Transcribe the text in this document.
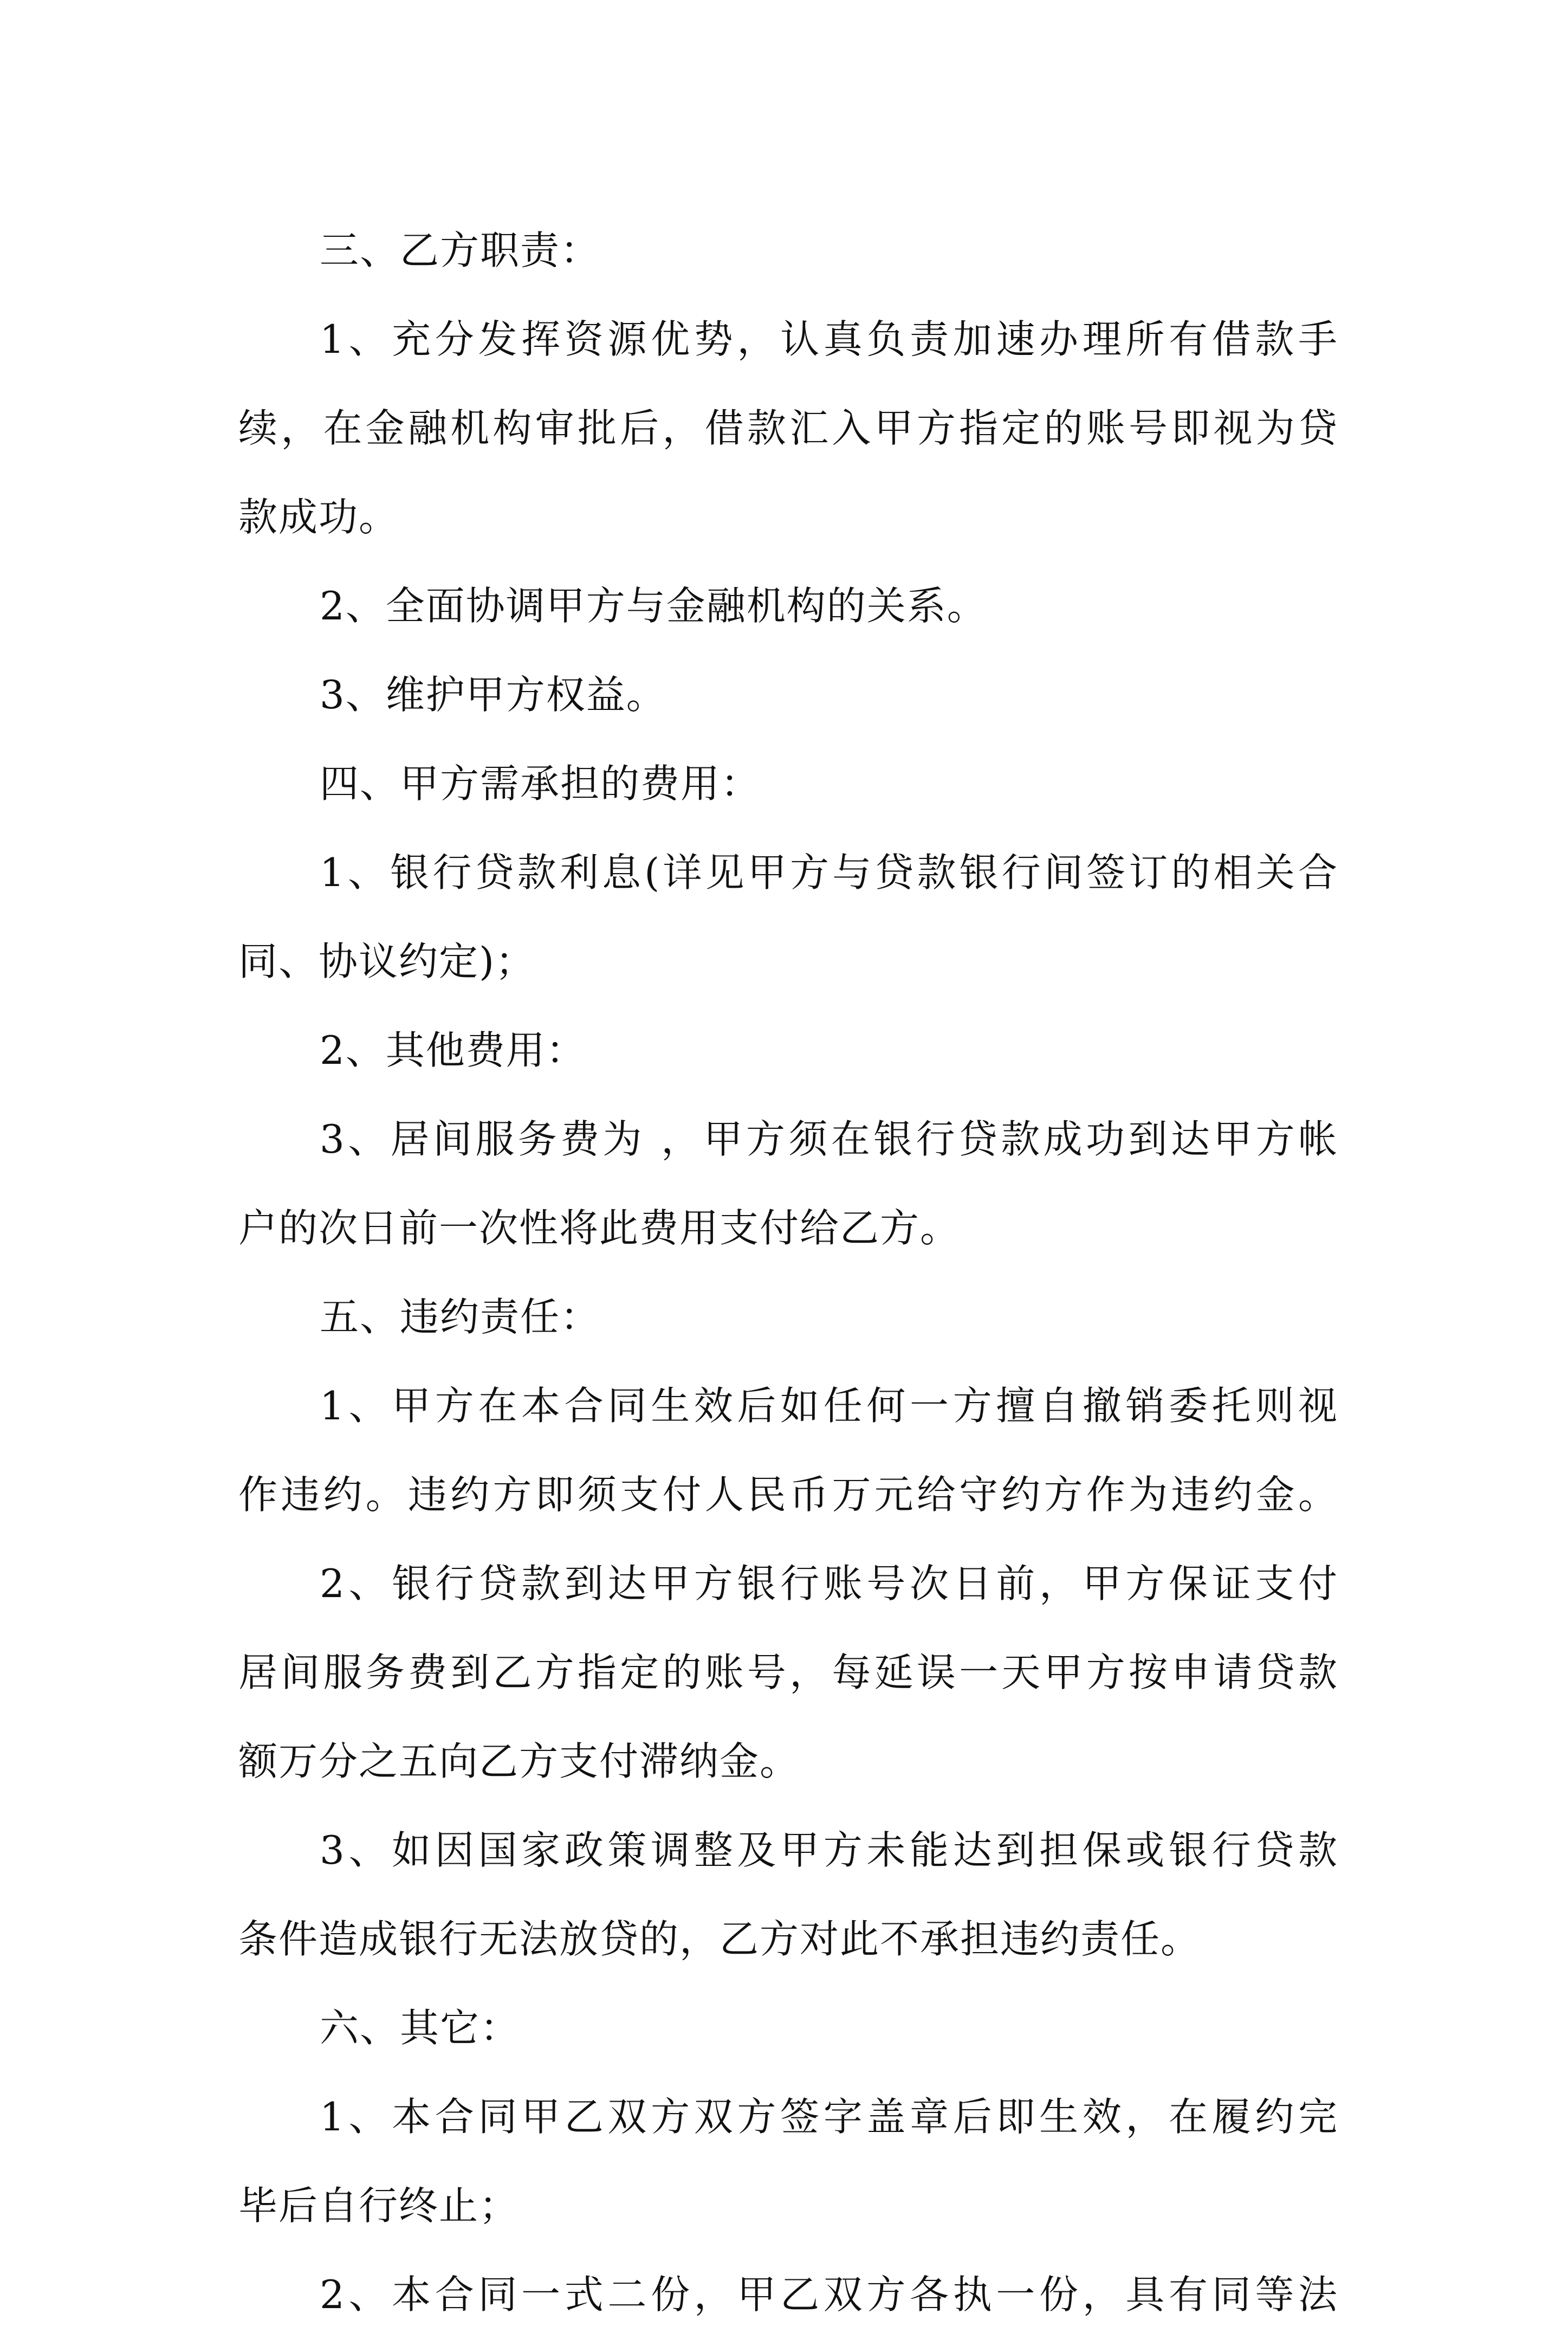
三、乙方职责：
1、充分发挥资源优势，认真负责加速办理所有借款手
续，在金融机构审批后，借款汇入甲方指定的账号即视为贷
款成功。
2、全面协调甲方与金融机构的关系。
3、维护甲方权益。
四、甲方需承担的费用：
1、银行贷款利息(详见甲方与贷款银行间签订的相关合
同、协议约定)；
2、其他费用：
3、居间服务费为 ，甲方须在银行贷款成功到达甲方帐
户的次日前一次性将此费用支付给乙方。
五、违约责任：
1、甲方在本合同生效后如任何一方擅自撤销委托则视
作违约。违约方即须支付人民币万元给守约方作为违约金。
2、银行贷款到达甲方银行账号次日前，甲方保证支付
居间服务费到乙方指定的账号，每延误一天甲方按申请贷款
额万分之五向乙方支付滞纳金。
3、如因国家政策调整及甲方未能达到担保或银行贷款
条件造成银行无法放贷的，乙方对此不承担违约责任。
六、其它：
1、本合同甲乙双方双方签字盖章后即生效，在履约完
毕后自行终止；
2、本合同一式二份，甲乙双方各执一份，具有同等法
